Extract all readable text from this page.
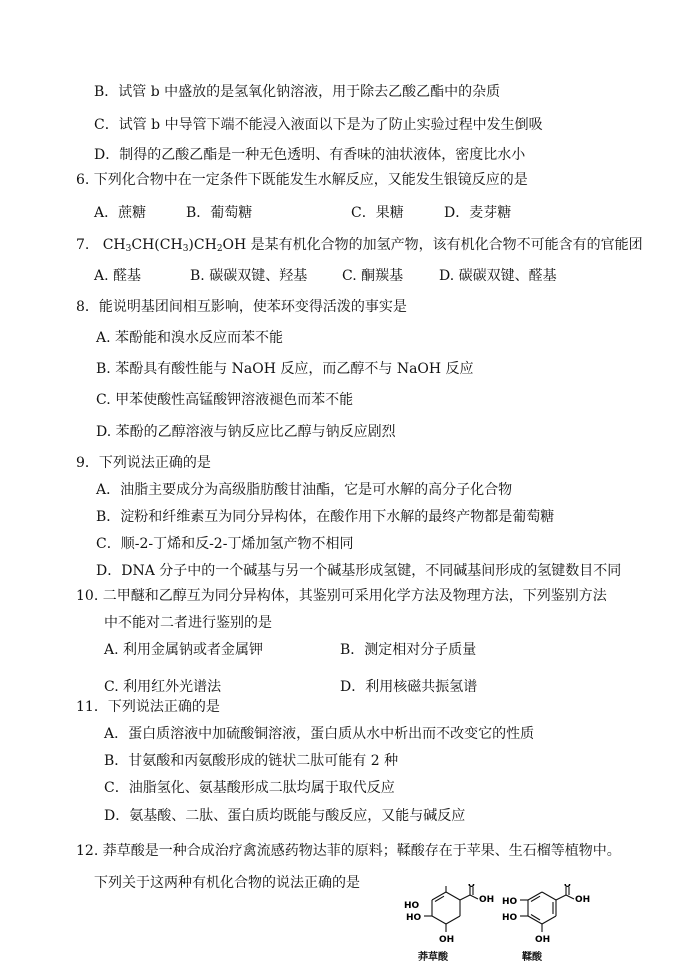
B．试管 b 中盛放的是氢氧化钠溶液，用于除去乙酸乙酯中的杂质
C．试管 b 中导管下端不能浸入液面以下是为了防止实验过程中发生倒吸
D．制得的乙酸乙酯是一种无色透明、有香味的油状液体，密度比水小
6. 下列化合物中在一定条件下既能发生水解反应，又能发生银镜反应的是
A．蔗糖	B．葡萄糖	C．果糖	D．麦芽糖
7. $CH_3CH(CH_3)CH_2OH$ 是某有机化合物的加氢产物，该有机化合物不可能含有的官能团
A. 醛基	B. 碳碳双键、羟基 C. 酮羰基	D. 碳碳双键、醛基
8．能说明基团间相互影响，使苯环变得活泼的事实是
A. 苯酚能和溴水反应而苯不能
B. 苯酚具有酸性能与 NaOH 反应，而乙醇不与 NaOH 反应
C. 甲苯使酸性高锰酸钾溶液褪色而苯不能
D. 苯酚的乙醇溶液与钠反应比乙醇与钠反应剧烈
9．下列说法正确的是
A．油脂主要成分为高级脂肪酸甘油酯，它是可水解的高分子化合物
B．淀粉和纤维素互为同分异构体，在酸作用下水解的最终产物都是葡萄糖
C．顺-2-丁烯和反-2-丁烯加氢产物不相同
D．DNA 分子中的一个碱基与另一个碱基形成氢键，不同碱基间形成的氢键数目不同
10. 二甲醚和乙醇互为同分异构体，其鉴别可采用化学方法及物理方法，下列鉴别方法
中不能对二者进行鉴别的是
A. 利用金属钠或者金属钾	B．测定相对分子质量
C. 利用红外光谱法	D．利用核磁共振氢谱
11．下列说法正确的是
A．蛋白质溶液中加硫酸铜溶液，蛋白质从水中析出而不改变它的性质
B．甘氨酸和丙氨酸形成的链状二肽可能有 2 种
C．油脂氢化、氨基酸形成二肽均属于取代反应
D．氨基酸、二肽、蛋白质均既能与酸反应，又能与碱反应
12. 莽草酸是一种合成治疗禽流感药物达菲的原料；鞣酸存在于苹果、生石榴等植物中。
下列关于这两种有机化合物的说法正确的是
OH
O
HO
HO
OH
莽草酸
OH
O
HO
HO
OH
鞣酸
